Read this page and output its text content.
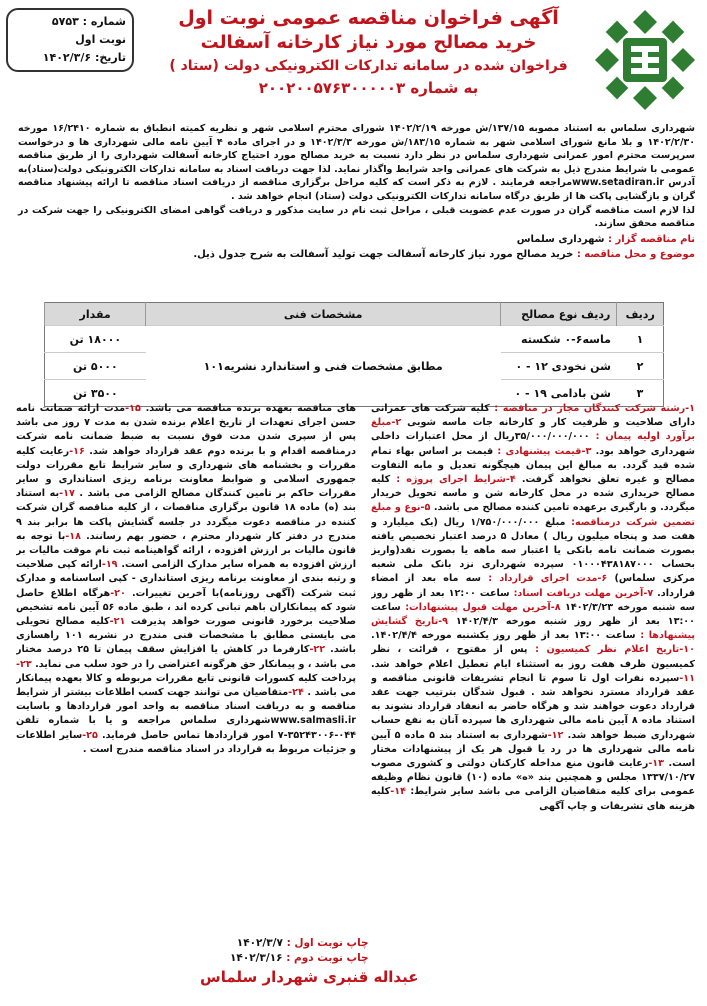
آگهی فراخوان مناقصه عمومی نوبت اول
خرید مصالح مورد نیاز کارخانه آسفالت
فراخوان شده در سامانه تدارکات الکترونیکی دولت (ستاد )
به شماره ۲۰۰۲۰۰۵۷۶۳۰۰۰۰۰۳
شماره : ۵۷۵۳
نوبت اول
تاریخ: ۱۴۰۲/۳/۶

شهرداری سلماس به استناد مصوبه ۱۳۷/۱۵/ش مورخه ۱۴۰۲/۲/۱۹ شورای محترم اسلامی شهر و نظریه کمیته انطباق به شماره ۱۶/۲۴۱۰ مورخه ۱۴۰۲/۲/۳۰ و بلا مانع شورای اسلامی شهر به شماره ۱۸۳/۱۵/ش مورخه ۱۴۰۲/۳/۳ و در اجرای ماده ۴ آیین نامه مالی شهرداری ها و درخواست سرپرست محترم امور عمرانی شهرداری سلماس در نظر دارد نسبت به خرید مصالح مورد احتیاج کارخانه آسفالت شهرداری را از طریق مناقصه عمومی با شرایط مندرج ذیل به شرکت های عمرانی واجد شرایط واگذار نماید. لذا جهت دریافت اسناد به سامانه تدارکات الکترونیکی دولت(ستاد)به آدرس www.setadiran.irمراجعه فرمایند . لازم به ذکر است که کلیه مراحل برگزاری مناقصه از دریافت اسناد مناقصه تا ارائه پیشنهاد مناقصه گران و بازگشایی پاکت ها از طریق درگاه سامانه تدارکات الکترونیکی دولت (ستاد) انجام خواهد شد .

لذا لازم است مناقصه گران در صورت عدم عضویت قبلی ، مراحل ثبت نام در سایت مذکور و دریافت گواهی امضای الکترونیکی را جهت شرکت در مناقصه محقق سازند.

نام مناقصه گزار : شهرداری سلماس
موضوع و محل مناقصه : خرید مصالح مورد نیاز کارخانه آسفالت جهت تولید آسفالت به شرح جدول ذیل.
ردیف	ردیف نوع مصالح	مشخصات فنی	مقدار
۱	ماسه۶-۰ شکسته	مطابق مشخصات فنی و استاندارد نشریه۱۰۱	۱۸۰۰۰ تن
۲	شن نخودی ۱۲ - ۰		۵۰۰۰ تن
۳	شن بادامی ۱۹ - ۰		۳۵۰۰ تن
۱-رشته شرکت کنندگان مجاز در مناقصه : کلیه شرکت های عمرانی دارای صلاحیت و ظرفیت کار و کارخانه جات ماسه شویی ۲-مبلغ برآورد اولیه پیمان : ۳۵/۰۰۰/۰۰۰/۰۰۰ریال از محل اعتبارات داخلی شهرداری خواهد بود. ۳-قیمت پیشنهادی : قیمت بر اساس بهاء تمام شده قید گردد. به مبالغ این پیمان هیچگونه تعدیل و مابه التفاوت مصالح و غیره تعلق نخواهد گرفت. ۴-شرایط اجرای پروژه : کلیه مصالح خریداری شده در محل کارخانه شن و ماسه تحویل خریدار میگردد. و بارگیری برعهده تامین کننده مصالح می باشد. ۵-نوع و مبلغ تضمین شرکت درمناقصه: مبلغ ۱/۷۵۰/۰۰۰/۰۰۰ ریال (یک میلیارد و هفت صد و پنجاه میلیون ریال ) معادل ۵ درصد اعتبار تخصیص یافته بصورت ضمانت نامه بانکی یا اعتبار سه ماهه یا بصورت نقد(واریز بحساب ۰۱۰۰۰۴۳۸۱۸۷۰۰۰ سپرده شهرداری نزد بانک ملی شعبه مرکزی سلماس) ۶-مدت اجرای قرارداد : سه ماه بعد از امضاء قرارداد. ۷-آخرین مهلت دریافت اسناد: ساعت ۱۲:۰۰ بعد از ظهر روز سه شنبه مورخه ۱۴۰۲/۳/۲۳ ۸-آخرین مهلت قبول پیشنهادات: ساعت ۱۳:۰۰ بعد از ظهر روز شنبه مورخه ۱۴۰۲/۴/۳ ۹-تاریخ گشایش پیشنهادها : ساعت ۱۳:۰۰ بعد از ظهر روز یکشنبه مورخه ۱۴۰۲/۴/۴. ۱۰-تاریخ اعلام نظر کمیسیون : پس از مفتوح ، قرائت ، نظر کمیسیون ظرف هفت روز به استثناء ایام تعطیل اعلام خواهد شد. ۱۱-سپرده نفرات اول تا سوم تا انجام تشریفات قانونی مناقصه و عقد قرارداد مسترد نخواهد شد . قبول شدگان بترتیب جهت عقد قرارداد دعوت خواهند شد و هرگاه حاضر به انعقاد قرارداد نشوند به استناد ماده ۸ آیین نامه مالی شهرداری ها سپرده آنان به نفع حساب شهرداری ضبط خواهد شد. ۱۲-شهرداری به استناد بند ۵ ماده ۵ آیین نامه مالی شهرداری ها در رد یا قبول هر یک از پیشنهادات مختار است. ۱۳-رعایت قانون منع مداخله کارکنان دولتی و کشوری مصوب ۱۳۳۷/۱۰/۲۷ مجلس و همچنین بند «ه» ماده (۱۰) قانون نظام وظیفه عمومی برای کلیه متقاضیان الزامی می باشد سایر شرایط: ۱۴-کلیه هزینه های تشریفات و چاپ آگهی
های مناقصه بعهده برنده مناقصه می باشد. ۱۵-مدت ارائه ضمانت نامه حسن اجرای تعهدات از تاریخ اعلام برنده شدن به مدت ۷ روز می باشد پس از سپری شدن مدت فوق نسبت به ضبط ضمانت نامه شرکت درمناقصه اقدام و با برنده دوم عقد قرارداد خواهد شد. ۱۶-رعایت کلیه مقررات و بخشنامه های شهرداری و سایر شرایط تابع مقررات دولت جمهوری اسلامی و ضوابط معاونت برنامه ریزی استانداری و سایر مقررات حاکم بر تامین کنندگان مصالح الزامی می باشد . ۱۷-به استناد بند (ه) ماده ۱۸ قانون برگزاری مناقصات ، از کلیه مناقصه گران شرکت کننده در مناقصه دعوت میگردد در جلسه گشایش پاکت ها برابر بند ۹ مندرج در دفتر کار شهردار محترم ، حضور بهم رسانند. ۱۸-با توجه به قانون مالیات بر ارزش افزوده ، ارائه گواهینامه ثبت نام موقت مالیات بر ارزش افزوده به همراه سایر مدارک الزامی است. ۱۹-ارائه کپی صلاحیت و رتبه بندی از معاونت برنامه ریزی استانداری - کپی اساسنامه و مدارک ثبت شرکت (آگهی روزنامه)با آخرین تغییرات. ۲۰-هرگاه اطلاع حاصل شود که پیمانکاران باهم تبانی کرده اند ، طبق ماده ۵۶ آیین نامه تشخیص صلاحیت برخورد قانونی صورت خواهد پذیرفت ۲۱-کلیه مصالح تحویلی می بایستی مطابق با مشخصات فنی مندرج در نشریه ۱۰۱ راهسازی باشد. ۲۲-کارفرما در کاهش یا افزایش سقف پیمان تا ۲۵ درصد مختار می باشد ، و پیمانکار حق هرگونه اعتراضی را در خود سلب می نماید. ۲۳-پرداخت کلیه کسورات قانونی تابع مقررات مربوطه و کالا بعهده پیمانکار می باشد . ۲۴-متقاضیان می توانند جهت کسب اطلاعات بیشتر از شرایط مناقصه و به دریافت اسناد مناقصه به واحد امور قراردادها و باسایت www.salmasli.irشهرداری سلماس مراجعه و یا با شماره تلفن ۰۴۴-۳۵۲۴۳۰۰۶-۷ امور قراردادها تماس حاصل فرماید. ۲۵-سایر اطلاعات و جزئیات مربوط به قرارداد در اسناد مناقصه مندرج است .
چاپ نوبت اول : ۱۴۰۲/۳/۷
چاپ نوبت دوم : ۱۴۰۲/۳/۱۶
عبداله قنبری شهردار سلماس
